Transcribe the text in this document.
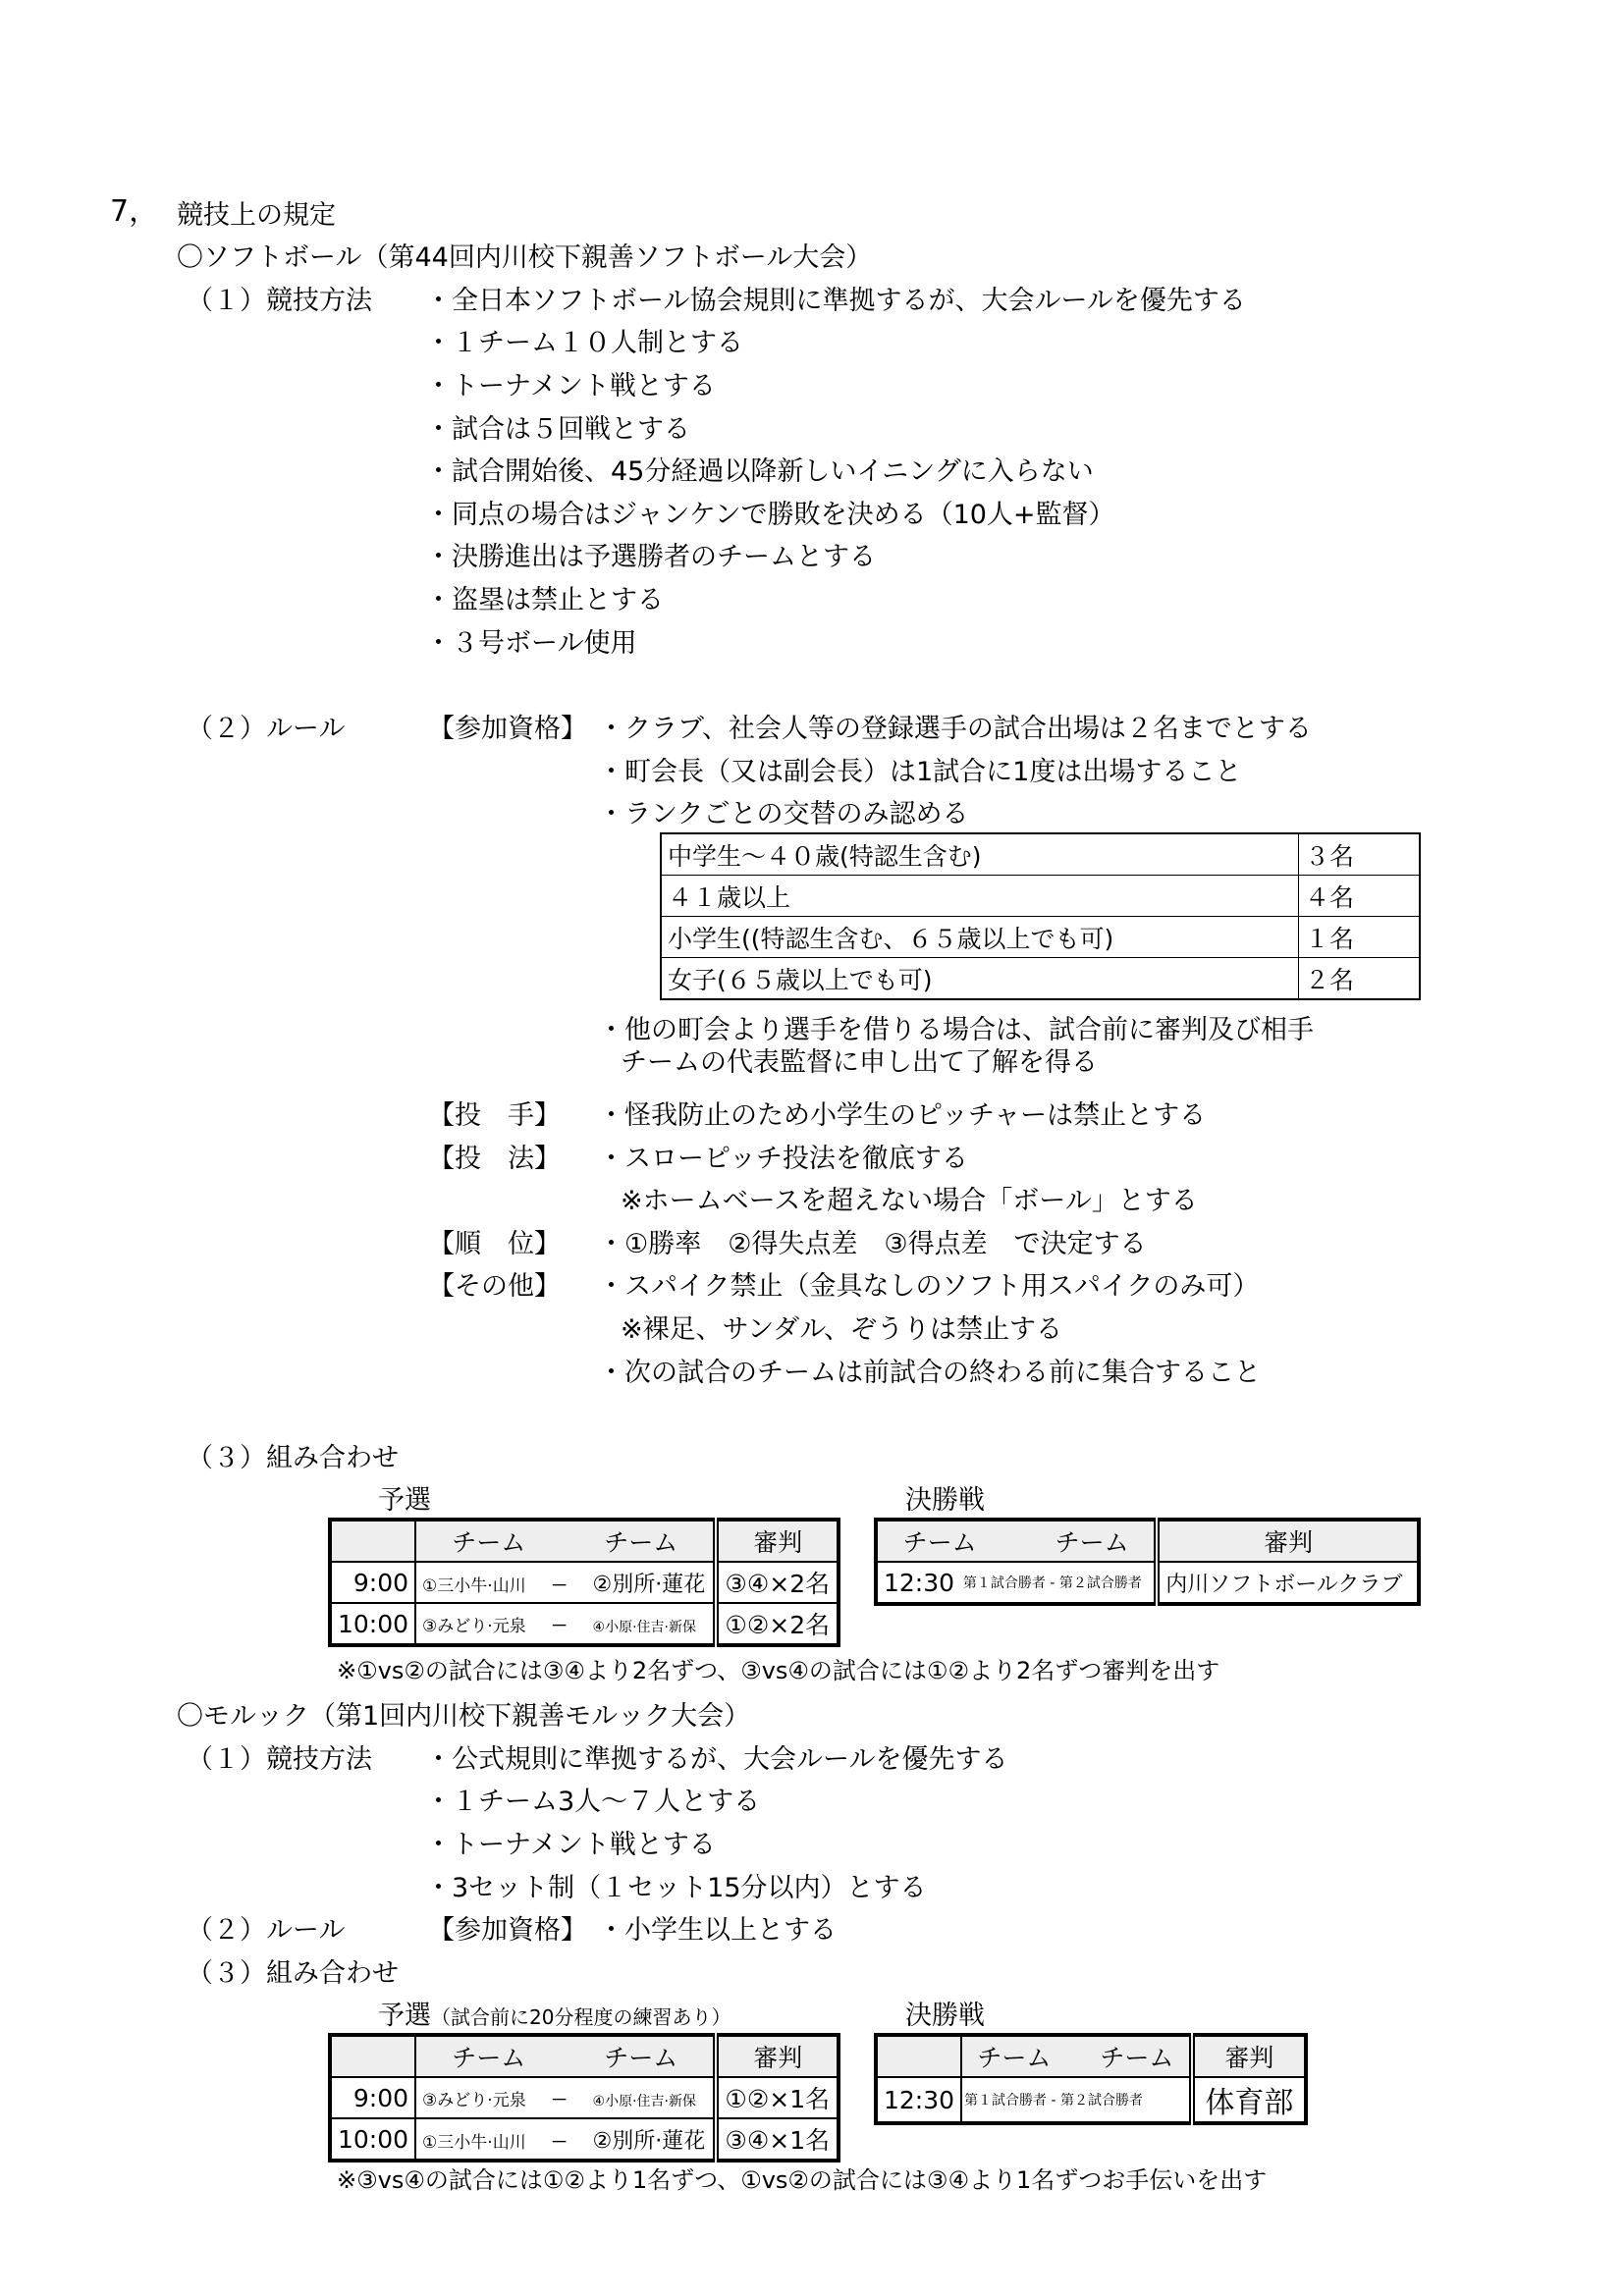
7， 競技上の規定
〇ソフトボール（第44回内川校下親善ソフトボール大会）
（１）競技方法 ・全日本ソフトボール協会規則に準拠するが、大会ルールを優先する
・１チーム１０人制とする
・トーナメント戦とする
・試合は５回戦とする
・試合開始後、45分経過以降新しいイニングに入らない
・同点の場合はジャンケンで勝敗を決める（10人+監督）
・決勝進出は予選勝者のチームとする
・盗塁は禁止とする
・３号ボール使用
（２）ルール	【参加資格】 ・クラブ、社会人等の登録選手の試合出場は２名までとする
・町会長（又は副会長）は1試合に1度は出場すること
・ランクごとの交替のみ認める
中学生～４０歳(特認生含む)	３名
４１歳以上	４名
小学生((特認生含む、６５歳以上でも可)	１名
女子(６５歳以上でも可)	２名
・他の町会より選手を借りる場合は、試合前に審判及び相手
チームの代表監督に申し出て了解を得る
【投　手】 ・怪我防止のため小学生のピッチャーは禁止とする
【投　法】 ・スローピッチ投法を徹底する
※ホームベースを超えない場合「ボール」とする
【順　位】 ・①勝率　②得失点差　③得点差　で決定する
【その他】 ・スパイク禁止（金具なしのソフト用スパイクのみ可）
※裸足、サンダル、ぞうりは禁止する
・次の試合のチームは前試合の終わる前に集合すること
（３）組み合わせ
予選	決勝戦
	チーム チーム	審判
9:00	①三小牛·山川 － ②別所·蓮花	③④×2名
10:00	③みどり·元泉 － ④小原·住吉·新保	①②×2名
チーム チーム		審判
12:30	第１試合勝者 - 第２試合勝者	内川ソフトボールクラブ
※①vs②の試合には③④より2名ずつ、③vs④の試合には①②より2名ずつ審判を出す
〇モルック（第1回内川校下親善モルック大会）
（１）競技方法 ・公式規則に準拠するが、大会ルールを優先する
・１チーム3人～７人とする
・トーナメント戦とする
・3セット制（１セット15分以内）とする
（２）ルール	【参加資格】 ・小学生以上とする
（３）組み合わせ
予選（試合前に20分程度の練習あり）	決勝戦
	チーム チーム	審判
9:00	③みどり·元泉 － ④小原·住吉·新保	①②×1名
10:00	①三小牛·山川 － ②別所·蓮花	③④×1名
	チーム チーム	審判
12:30	第１試合勝者 - 第２試合勝者	体育部
※③vs④の試合には①②より1名ずつ、①vs②の試合には③④より1名ずつお手伝いを出す
